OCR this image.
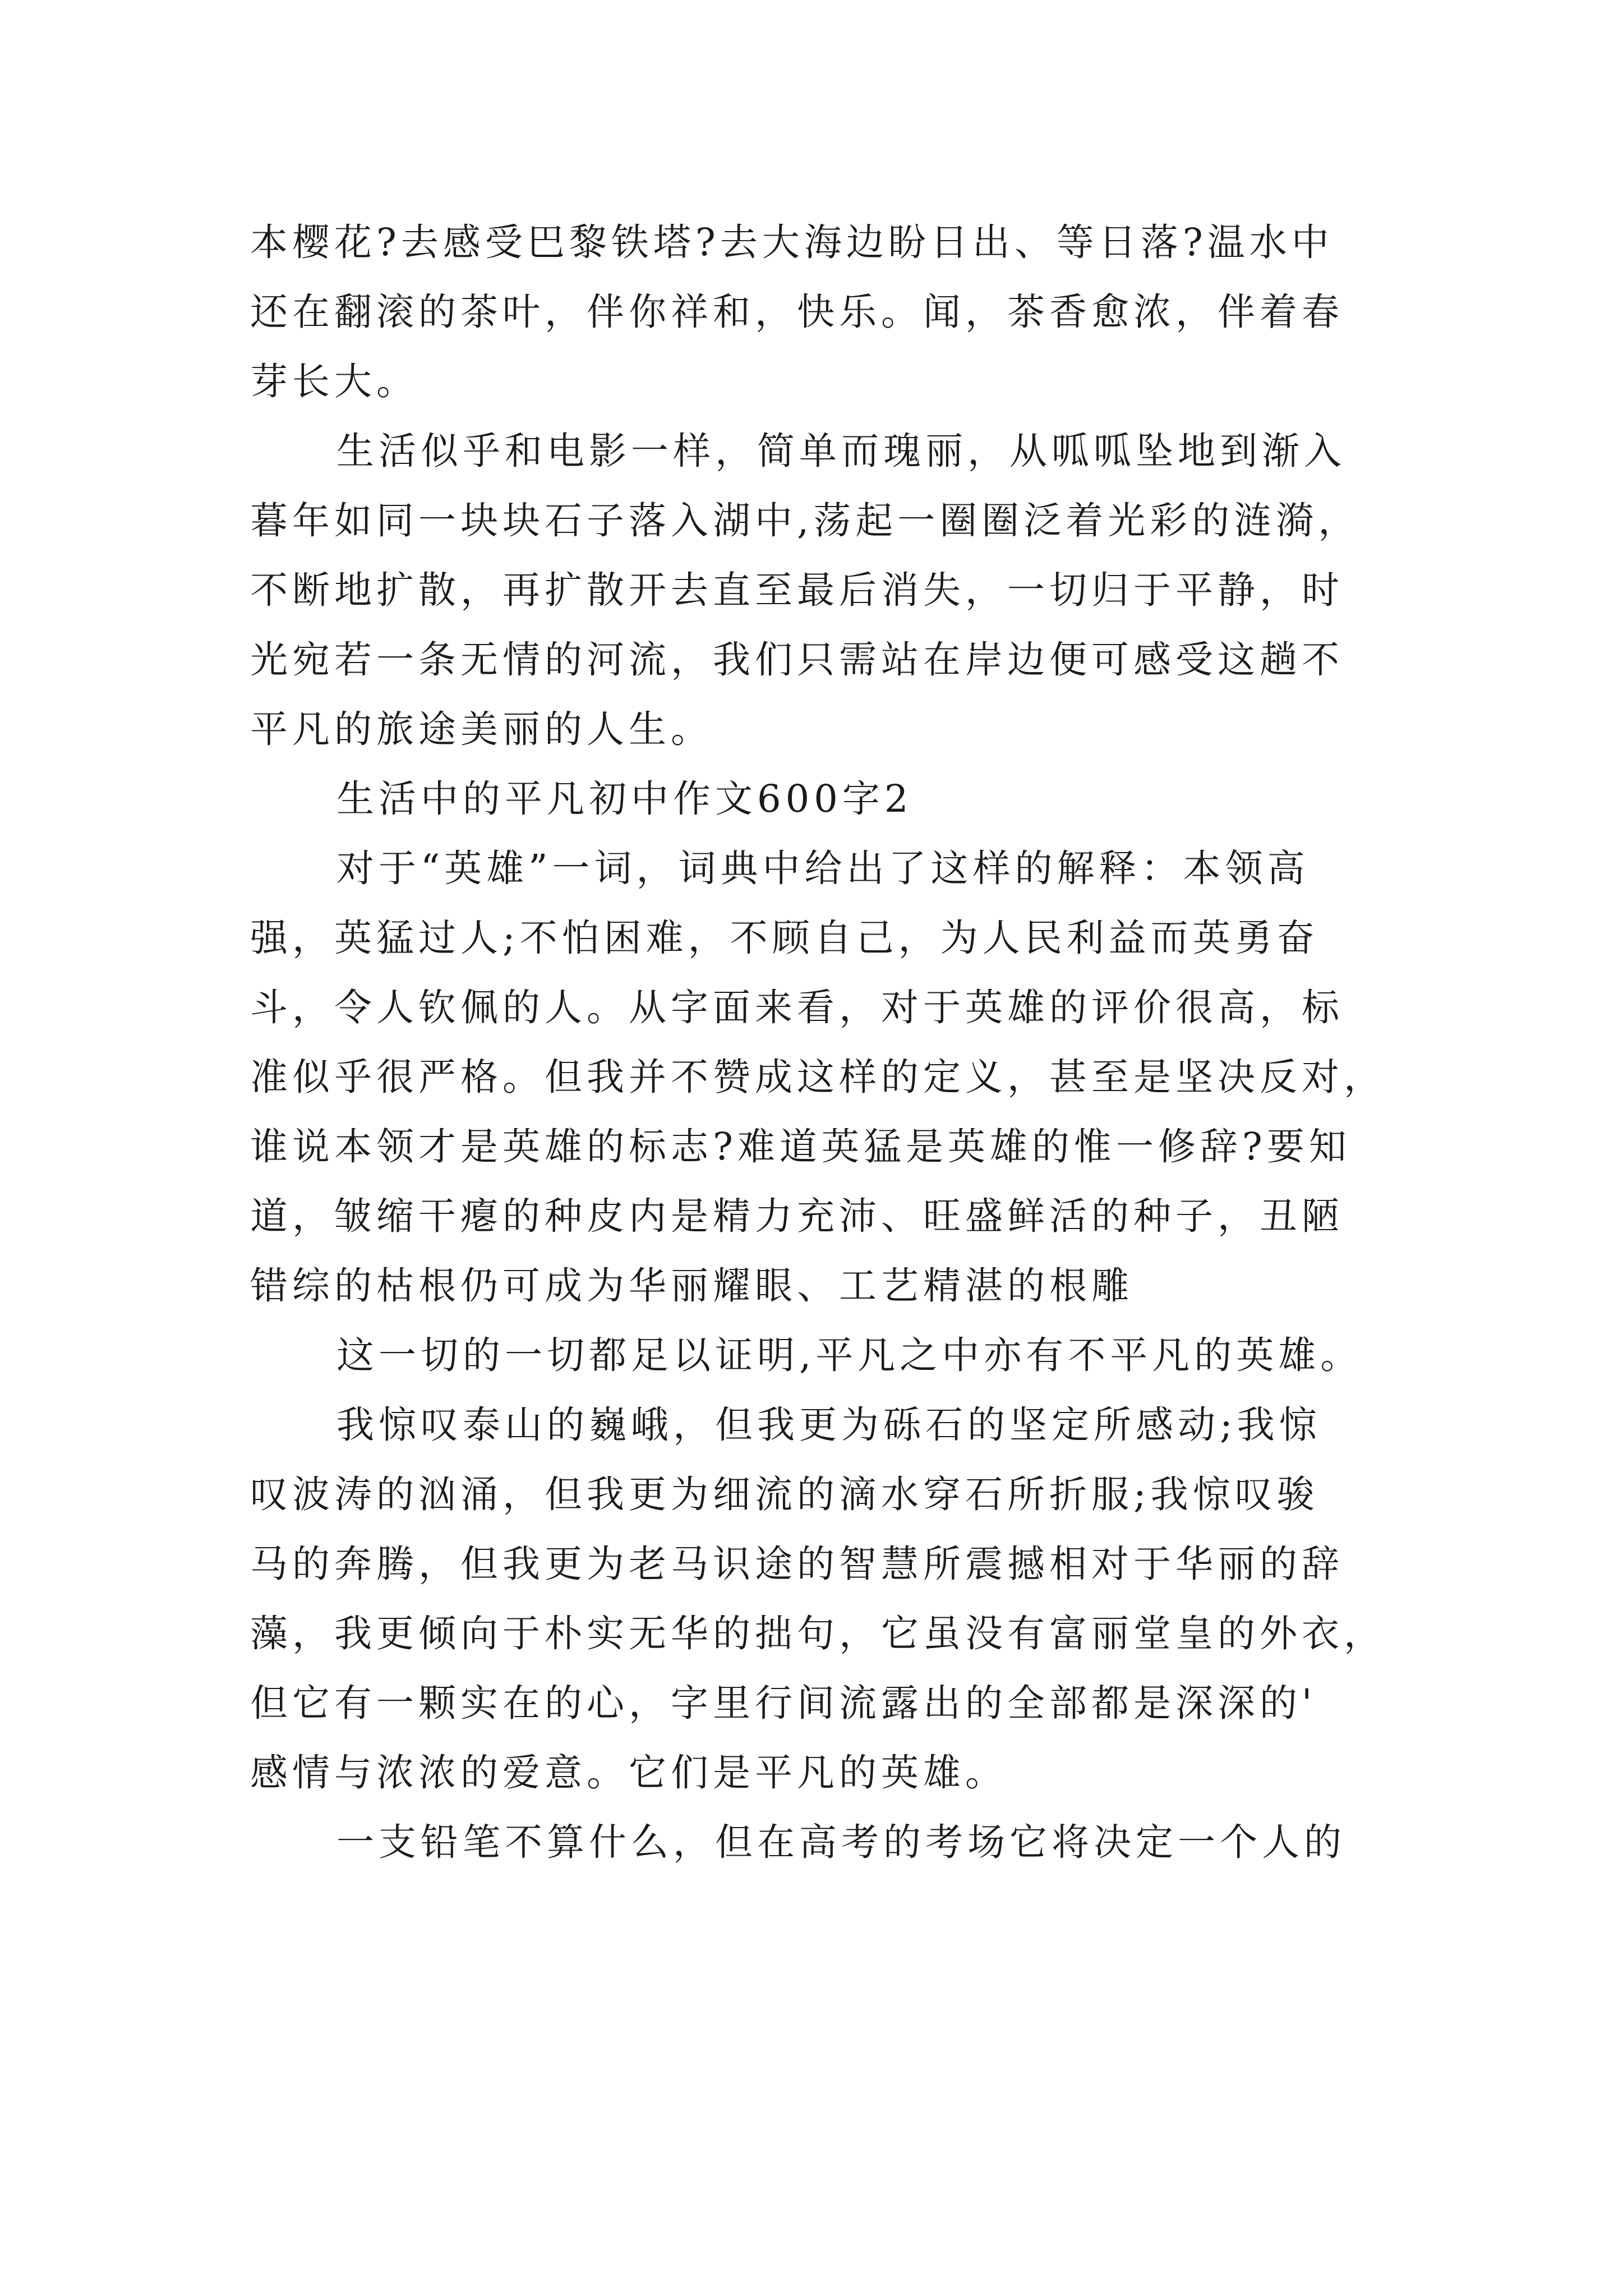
本樱花?去感受巴黎铁塔?去大海边盼日出、等日落?温水中
还在翻滚的茶叶，伴你祥和，快乐。闻，茶香愈浓，伴着春
芽长大。
生活似乎和电影一样，简单而瑰丽，从呱呱坠地到渐入
暮年如同一块块石子落入湖中,荡起一圈圈泛着光彩的涟漪，
不断地扩散，再扩散开去直至最后消失，一切归于平静，时
光宛若一条无情的河流，我们只需站在岸边便可感受这趟不
平凡的旅途美丽的人生。
生活中的平凡初中作文600字2
对于“英雄”一词，词典中给出了这样的解释：本领高
强，英猛过人;不怕困难，不顾自己，为人民利益而英勇奋
斗，令人钦佩的人。从字面来看，对于英雄的评价很高，标
准似乎很严格。但我并不赞成这样的定义，甚至是坚决反对，
谁说本领才是英雄的标志?难道英猛是英雄的惟一修辞?要知
道，皱缩干瘪的种皮内是精力充沛、旺盛鲜活的种子，丑陋
错综的枯根仍可成为华丽耀眼、工艺精湛的根雕
这一切的一切都足以证明,平凡之中亦有不平凡的英雄。
我惊叹泰山的巍峨，但我更为砾石的坚定所感动;我惊
叹波涛的汹涌，但我更为细流的滴水穿石所折服;我惊叹骏
马的奔腾，但我更为老马识途的智慧所震撼相对于华丽的辞
藻，我更倾向于朴实无华的拙句，它虽没有富丽堂皇的外衣，
但它有一颗实在的心，字里行间流露出的全部都是深深的'
感情与浓浓的爱意。它们是平凡的英雄。
一支铅笔不算什么，但在高考的考场它将决定一个人的
